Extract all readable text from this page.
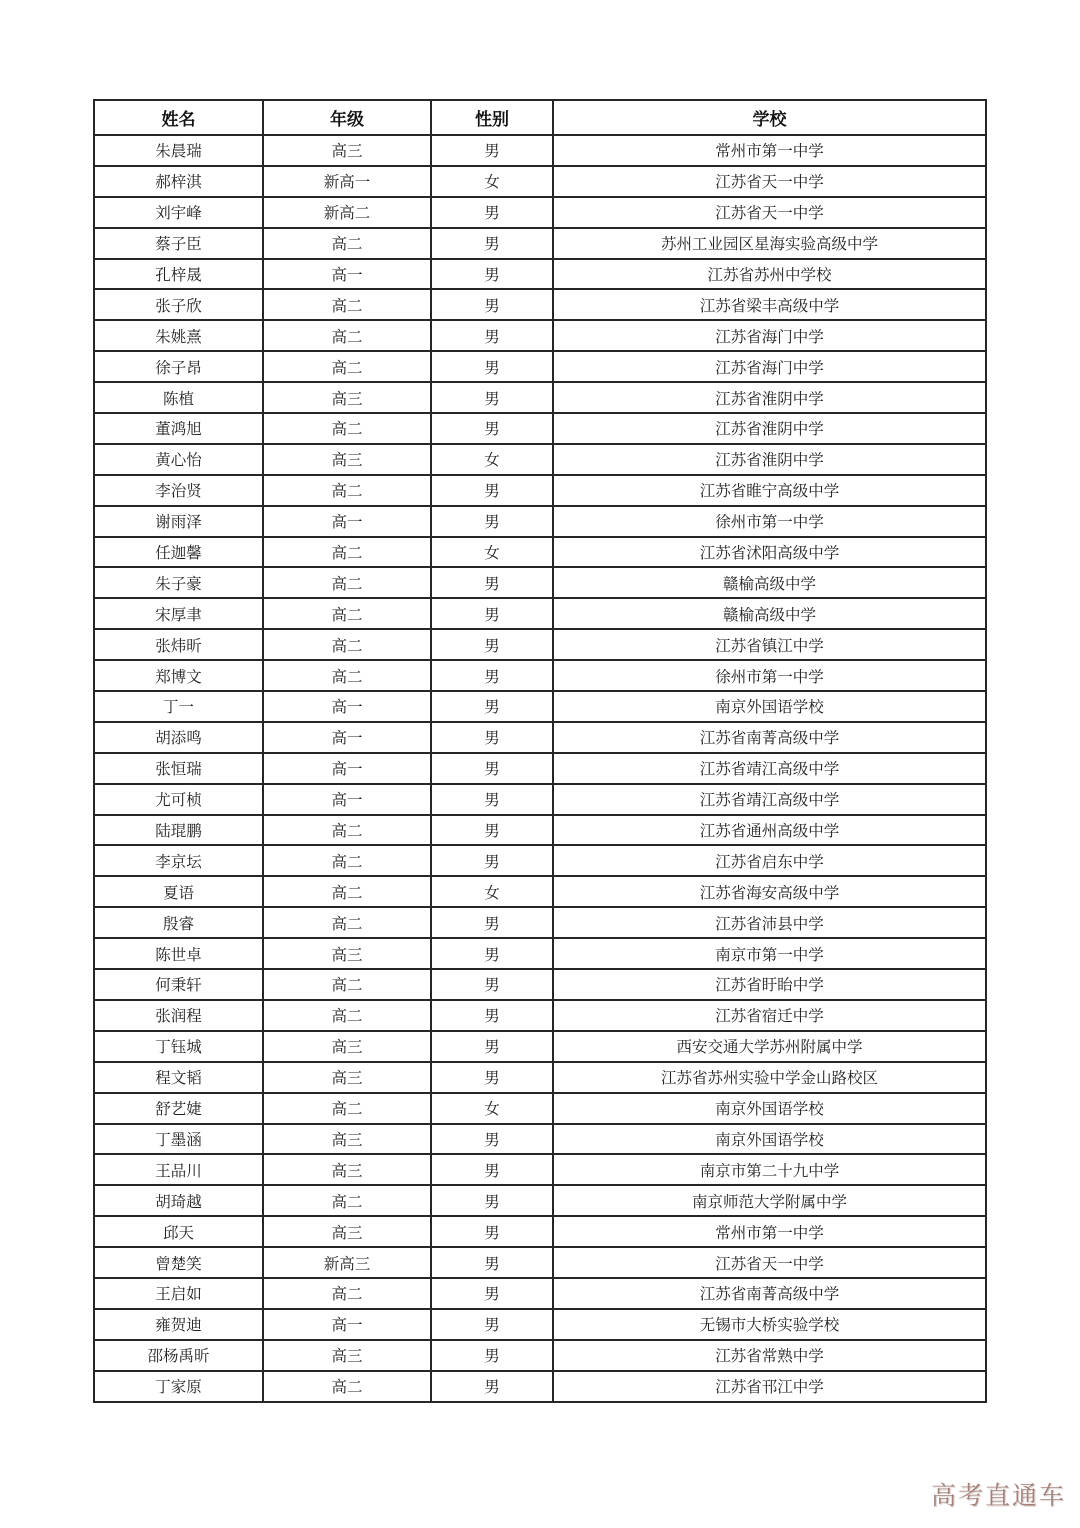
姓名	年级	性别	学校
朱晨瑞	高三	男	常州市第一中学
郝梓淇	新高一	女	江苏省天一中学
刘宇峰	新高二	男	江苏省天一中学
蔡子臣	高二	男	苏州工业园区星海实验高级中学
孔梓晟	高一	男	江苏省苏州中学校
张子欣	高二	男	江苏省梁丰高级中学
朱姚熹	高二	男	江苏省海门中学
徐子昂	高二	男	江苏省海门中学
陈植	高三	男	江苏省淮阴中学
董鸿旭	高二	男	江苏省淮阴中学
黄心怡	高三	女	江苏省淮阴中学
李治贤	高二	男	江苏省睢宁高级中学
谢雨泽	高一	男	徐州市第一中学
任迦馨	高二	女	江苏省沭阳高级中学
朱子豪	高二	男	赣榆高级中学
宋厚聿	高二	男	赣榆高级中学
张炜昕	高二	男	江苏省镇江中学
郑博文	高二	男	徐州市第一中学
丁一	高一	男	南京外国语学校
胡添鸣	高一	男	江苏省南菁高级中学
张恒瑞	高一	男	江苏省靖江高级中学
尤可桢	高一	男	江苏省靖江高级中学
陆琨鹏	高二	男	江苏省通州高级中学
李京坛	高二	男	江苏省启东中学
夏语	高二	女	江苏省海安高级中学
殷睿	高二	男	江苏省沛县中学
陈世卓	高三	男	南京市第一中学
何秉轩	高二	男	江苏省盱眙中学
张润程	高二	男	江苏省宿迁中学
丁钰城	高三	男	西安交通大学苏州附属中学
程文韬	高三	男	江苏省苏州实验中学金山路校区
舒艺婕	高二	女	南京外国语学校
丁墨涵	高三	男	南京外国语学校
王品川	高三	男	南京市第二十九中学
胡琦越	高二	男	南京师范大学附属中学
邱天	高三	男	常州市第一中学
曾楚笑	新高三	男	江苏省天一中学
王启如	高二	男	江苏省南菁高级中学
雍贺迪	高一	男	无锡市大桥实验学校
邵杨禹昕	高三	男	江苏省常熟中学
丁家原	高二	男	江苏省邗江中学
高考直通车
